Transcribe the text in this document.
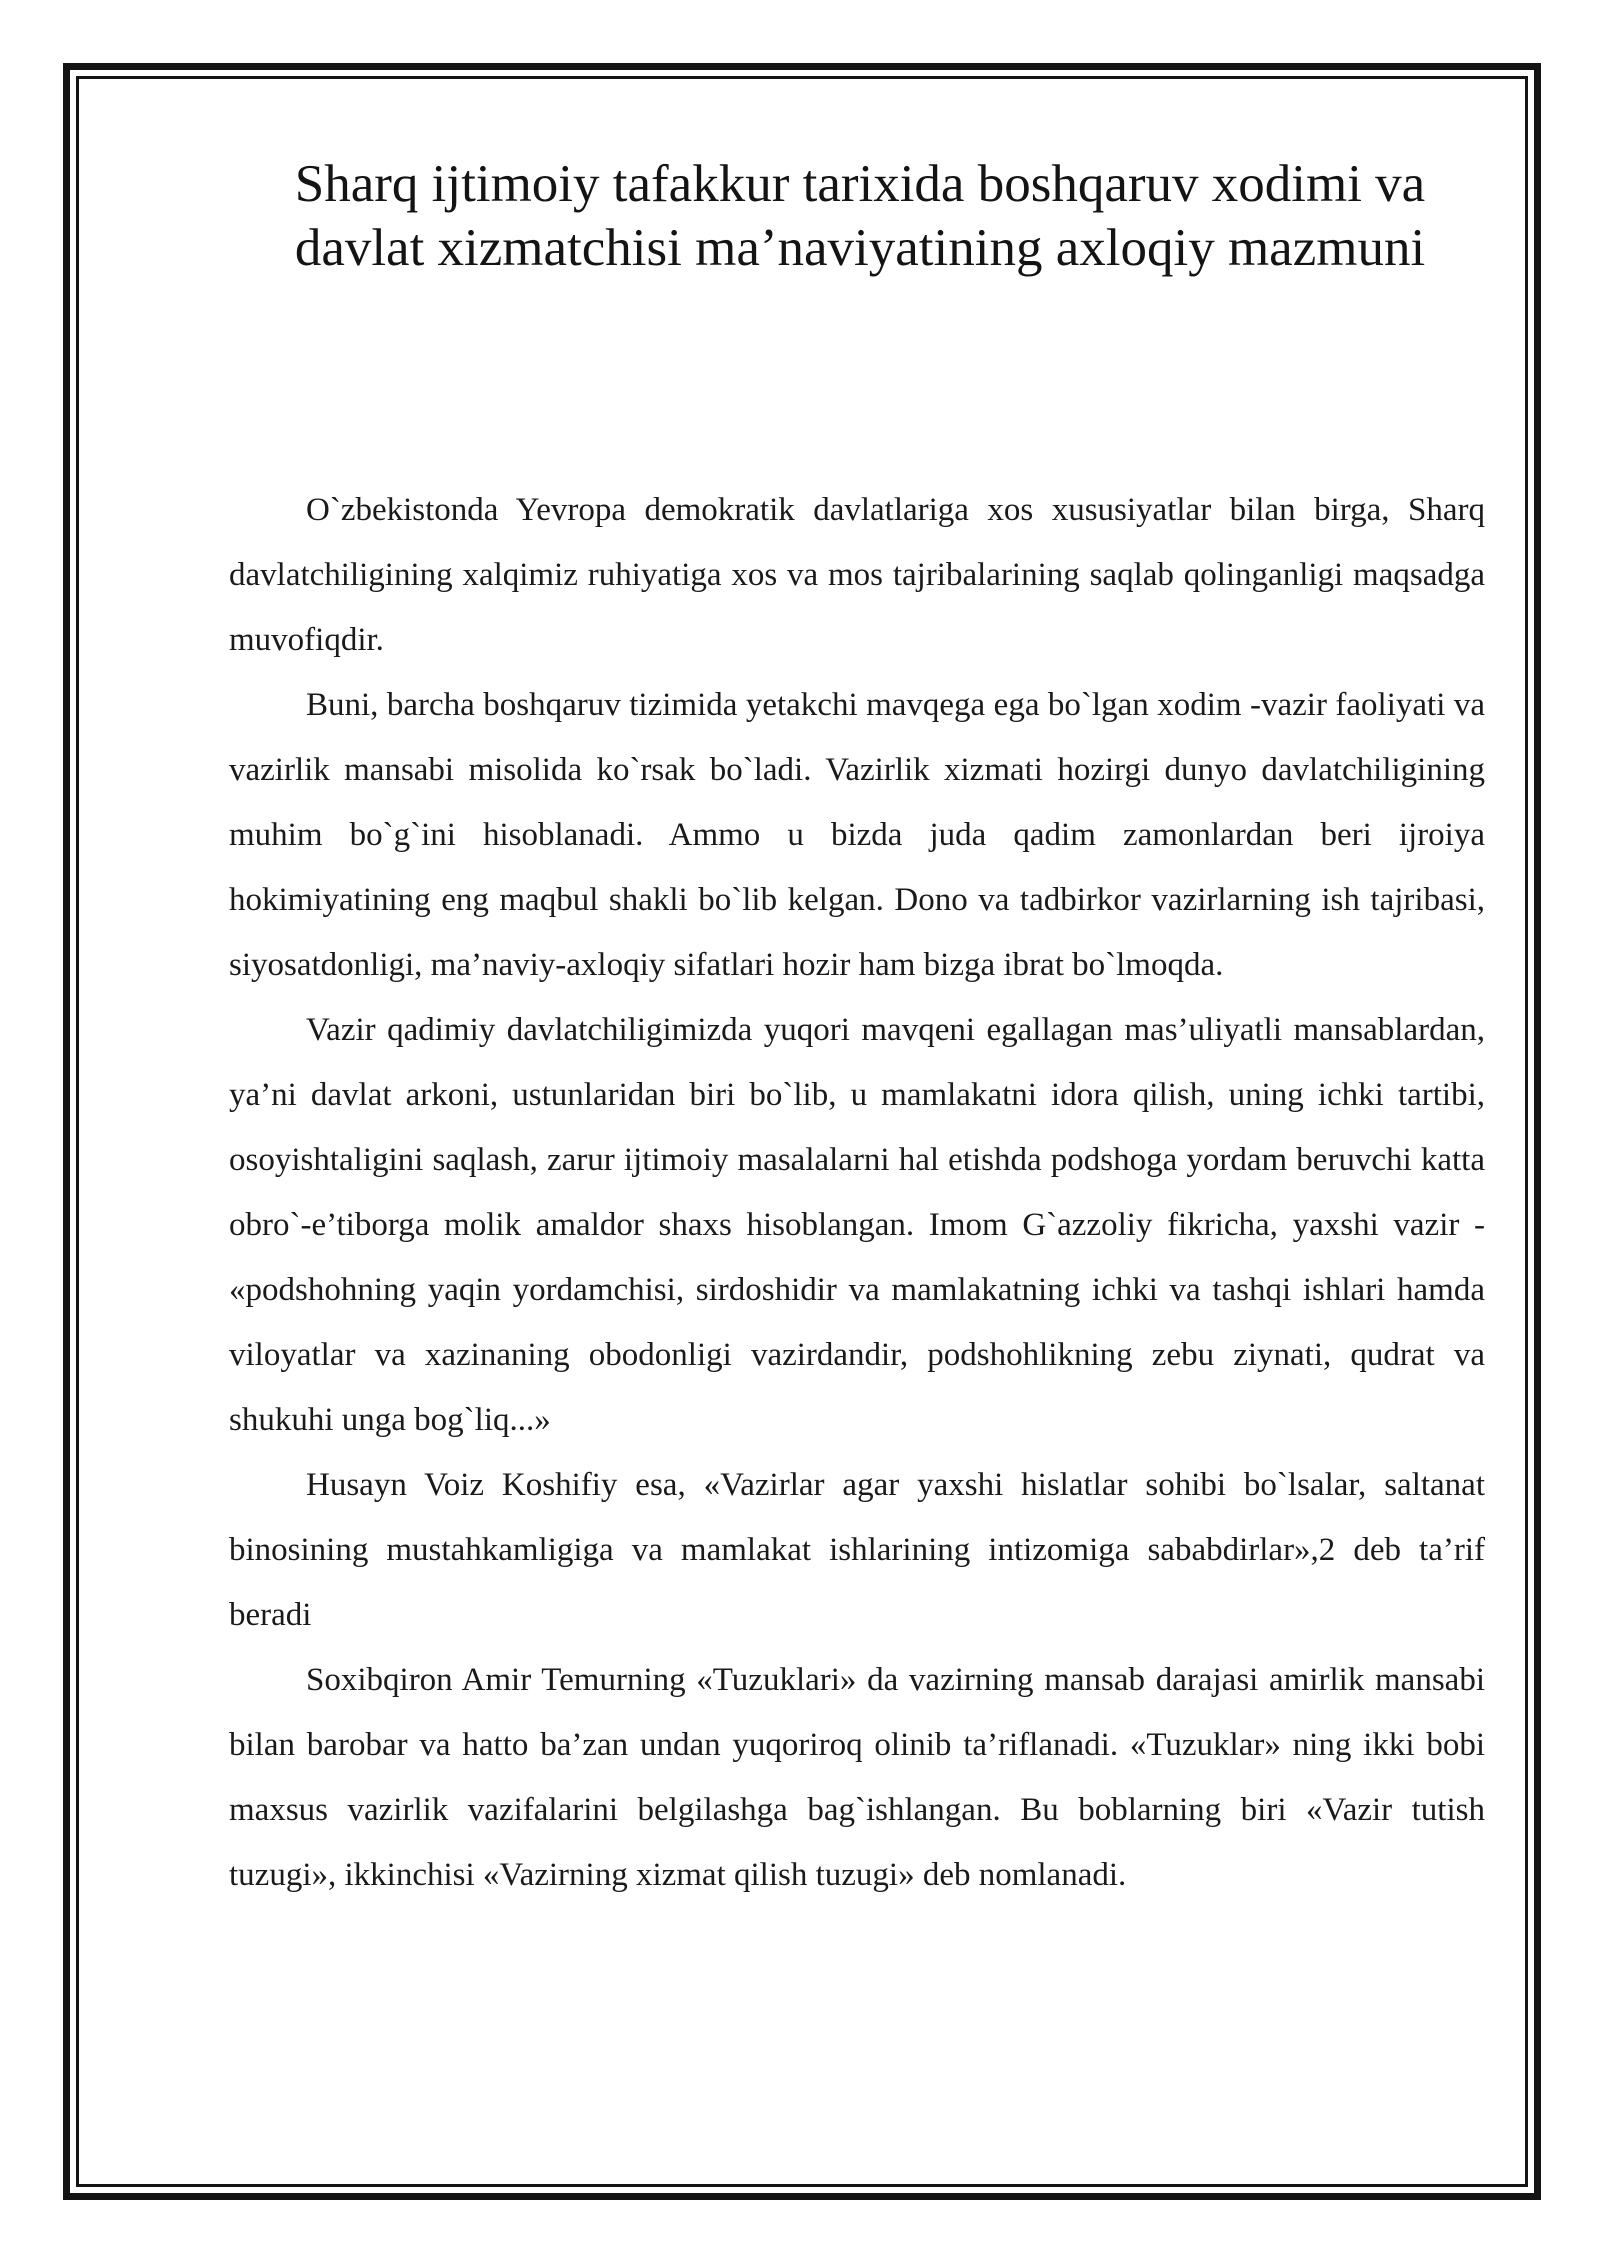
Sharq ijtimoiy tafakkur tarixida boshqaruv xodimi va davlat xizmatchisi ma’naviyatining axloqiy mazmuni

O`zbekistonda Yevropa demokratik davlatlariga xos xususiyatlar bilan birga, Sharq davlatchiligining xalqimiz ruhiyatiga xos va mos tajribalarining saqlab qolinganligi maqsadga muvofiqdir.

Buni, barcha boshqaruv tizimida yetakchi mavqega ega bo`lgan xodim -vazir faoliyati va vazirlik mansabi misolida ko`rsak bo`ladi. Vazirlik xizmati hozirgi dunyo davlatchiligining muhim bo`g`ini hisoblanadi. Ammo u bizda juda qadim zamonlardan beri ijroiya hokimiyatining eng maqbul shakli bo`lib kelgan. Dono va tadbirkor vazirlarning ish tajribasi, siyosatdonligi, ma’naviy-axloqiy sifatlari hozir ham bizga ibrat bo`lmoqda.

Vazir qadimiy davlatchiligimizda yuqori mavqeni egallagan mas’uliyatli mansablardan, ya’ni davlat arkoni, ustunlaridan biri bo`lib, u mamlakatni idora qilish, uning ichki tartibi, osoyishtaligini saqlash, zarur ijtimoiy masalalarni hal etishda podshoga yordam beruvchi katta obro`-e’tiborga molik amaldor shaxs hisoblangan. Imom G`azzoliy fikricha, yaxshi vazir - «podshohning yaqin yordamchisi, sirdoshidir va mamlakatning ichki va tashqi ishlari hamda viloyatlar va xazinaning obodonligi vazirdandir, podshohlikning zebu ziynati, qudrat va shukuhi unga bog`liq...»

Husayn Voiz Koshifiy esa, «Vazirlar agar yaxshi hislatlar sohibi bo`lsalar, saltanat binosining mustahkamligiga va mamlakat ishlarining intizomiga sababdirlar»,2 deb ta’rif beradi

Soxibqiron Amir Temurning «Tuzuklari» da vazirning mansab darajasi amirlik mansabi bilan barobar va hatto ba’zan undan yuqoriroq olinib ta’riflanadi. «Tuzuklar» ning ikki bobi maxsus vazirlik vazifalarini belgilashga bag`ishlangan. Bu boblarning biri «Vazir tutish tuzugi», ikkinchisi «Vazirning xizmat qilish tuzugi» deb nomlanadi.
